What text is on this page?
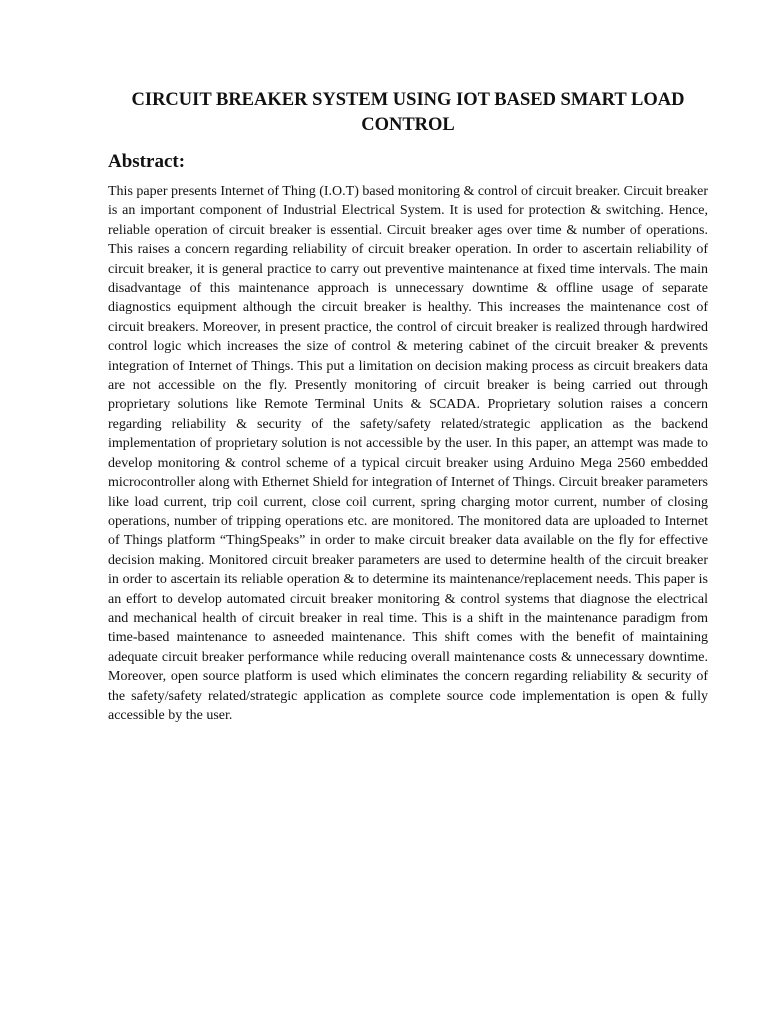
CIRCUIT BREAKER SYSTEM USING IOT BASED SMART LOAD CONTROL
Abstract:

This paper presents Internet of Thing (I.O.T) based monitoring & control of circuit breaker. Circuit breaker is an important component of Industrial Electrical System. It is used for protection & switching. Hence, reliable operation of circuit breaker is essential. Circuit breaker ages over time & number of operations. This raises a concern regarding reliability of circuit breaker operation. In order to ascertain reliability of circuit breaker, it is general practice to carry out preventive maintenance at fixed time intervals. The main disadvantage of this maintenance approach is unnecessary downtime & offline usage of separate diagnostics equipment although the circuit breaker is healthy. This increases the maintenance cost of circuit breakers. Moreover, in present practice, the control of circuit breaker is realized through hardwired control logic which increases the size of control & metering cabinet of the circuit breaker & prevents integration of Internet of Things. This put a limitation on decision making process as circuit breakers data are not accessible on the fly. Presently monitoring of circuit breaker is being carried out through proprietary solutions like Remote Terminal Units & SCADA. Proprietary solution raises a concern regarding reliability & security of the safety/safety related/strategic application as the backend implementation of proprietary solution is not accessible by the user. In this paper, an attempt was made to develop monitoring & control scheme of a typical circuit breaker using Arduino Mega 2560 embedded microcontroller along with Ethernet Shield for integration of Internet of Things. Circuit breaker parameters like load current, trip coil current, close coil current, spring charging motor current, number of closing operations, number of tripping operations etc. are monitored. The monitored data are uploaded to Internet of Things platform “ThingSpeaks” in order to make circuit breaker data available on the fly for effective decision making. Monitored circuit breaker parameters are used to determine health of the circuit breaker in order to ascertain its reliable operation & to determine its maintenance/replacement needs. This paper is an effort to develop automated circuit breaker monitoring & control systems that diagnose the electrical and mechanical health of circuit breaker in real time. This is a shift in the maintenance paradigm from time-based maintenance to asneeded maintenance. This shift comes with the benefit of maintaining adequate circuit breaker performance while reducing overall maintenance costs & unnecessary downtime. Moreover, open source platform is used which eliminates the concern regarding reliability & security of the safety/safety related/strategic application as complete source code implementation is open & fully accessible by the user.
